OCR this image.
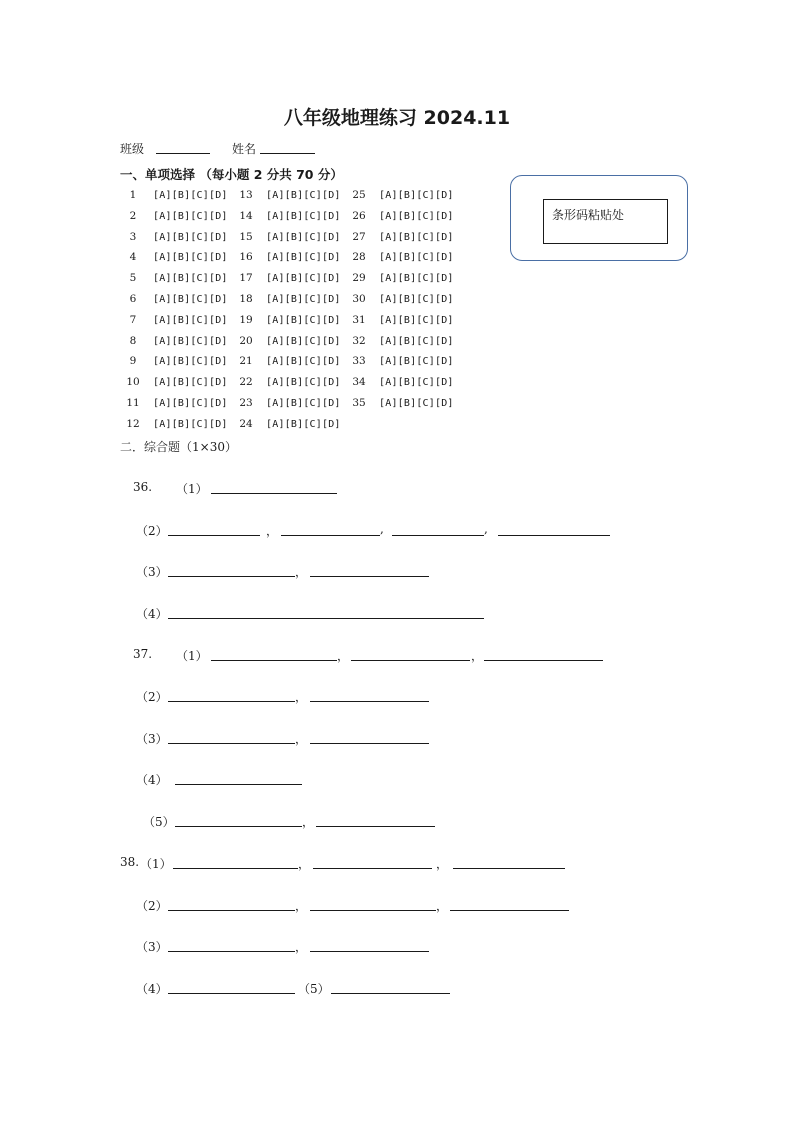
八年级地理练习 2024.11
班级	姓名
一、单项选择 （每小题 2 分共 70 分）
1	[A][B][C][D]
2	[A][B][C][D]
3	[A][B][C][D]
4	[A][B][C][D]
5	[A][B][C][D]
6	[A][B][C][D]
7	[A][B][C][D]
8	[A][B][C][D]
9	[A][B][C][D]
10	[A][B][C][D]
11	[A][B][C][D]
12	[A][B][C][D]
13	[A][B][C][D]
14	[A][B][C][D]
15	[A][B][C][D]
16	[A][B][C][D]
17	[A][B][C][D]
18	[A][B][C][D]
19	[A][B][C][D]
20	[A][B][C][D]
21	[A][B][C][D]
22	[A][B][C][D]
23	[A][B][C][D]
24	[A][B][C][D]
25	[A][B][C][D]
26	[A][B][C][D]
27	[A][B][C][D]
28	[A][B][C][D]
29	[A][B][C][D]
30	[A][B][C][D]
31	[A][B][C][D]
32	[A][B][C][D]
33	[A][B][C][D]
34	[A][B][C][D]
35	[A][B][C][D]
条形码粘贴处
二．综合题（1×30）
36. （1）
（2）	，	,	,
（3）	，
（4）
37. （1）	，	，
（2）	，
（3）	，
（4）
（5）	，
38. （1）	，	，
（2）	，	，
（3）	，
（4）	（5）
